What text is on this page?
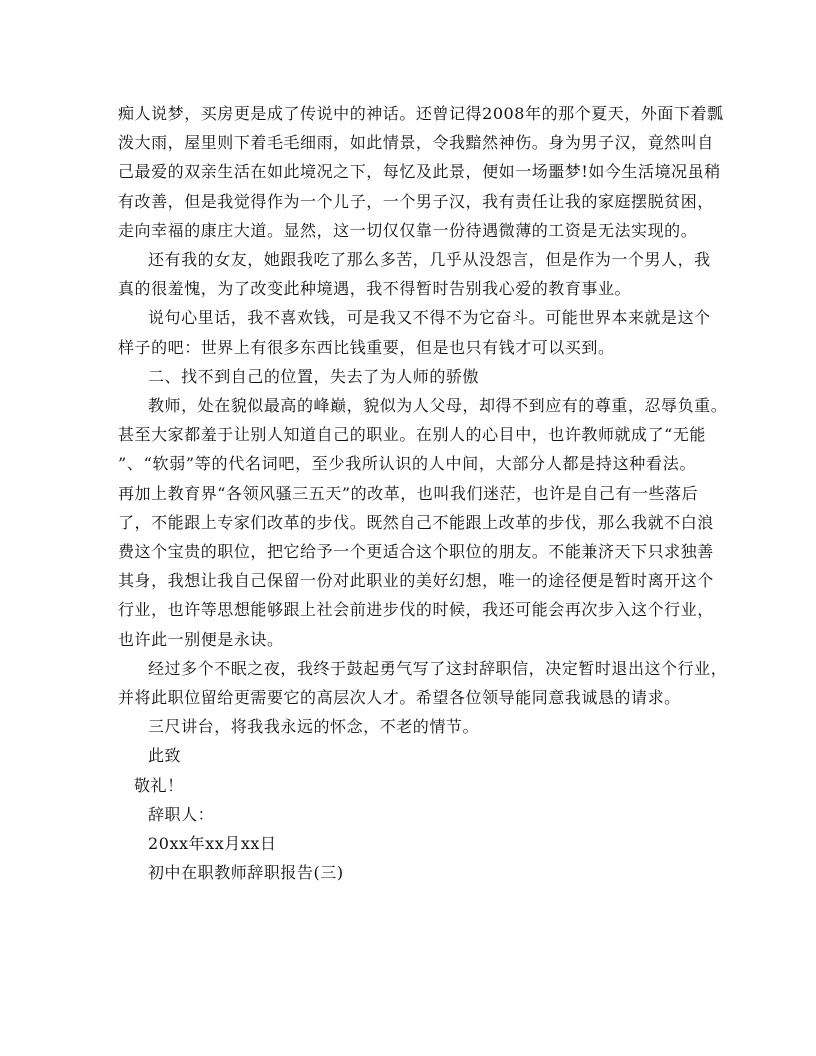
痴人说梦，买房更是成了传说中的神话。还曾记得2008年的那个夏天，外面下着瓢
泼大雨，屋里则下着毛毛细雨，如此情景，令我黯然神伤。身为男子汉，竟然叫自
己最爱的双亲生活在如此境况之下，每忆及此景，便如一场噩梦!如今生活境况虽稍
有改善，但是我觉得作为一个儿子，一个男子汉，我有责任让我的家庭摆脱贫困，
走向幸福的康庄大道。显然，这一切仅仅靠一份待遇微薄的工资是无法实现的。
还有我的女友，她跟我吃了那么多苦，几乎从没怨言，但是作为一个男人，我
真的很羞愧，为了改变此种境遇，我不得暂时告别我心爱的教育事业。
说句心里话，我不喜欢钱，可是我又不得不为它奋斗。可能世界本来就是这个
样子的吧：世界上有很多东西比钱重要，但是也只有钱才可以买到。
二、找不到自己的位置，失去了为人师的骄傲
教师，处在貌似最高的峰巅，貌似为人父母，却得不到应有的尊重，忍辱负重。
甚至大家都羞于让别人知道自己的职业。在别人的心目中，也许教师就成了“无能
”、“软弱”等的代名词吧，至少我所认识的人中间，大部分人都是持这种看法。
再加上教育界“各领风骚三五天”的改革，也叫我们迷茫，也许是自己有一些落后
了，不能跟上专家们改革的步伐。既然自己不能跟上改革的步伐，那么我就不白浪
费这个宝贵的职位，把它给予一个更适合这个职位的朋友。不能兼济天下只求独善
其身，我想让我自己保留一份对此职业的美好幻想，唯一的途径便是暂时离开这个
行业，也许等思想能够跟上社会前进步伐的时候，我还可能会再次步入这个行业，
也许此一别便是永诀。
经过多个不眠之夜，我终于鼓起勇气写了这封辞职信，决定暂时退出这个行业，
并将此职位留给更需要它的高层次人才。希望各位领导能同意我诚恳的请求。
三尺讲台，将我我永远的怀念，不老的情节。
此致
敬礼！
辞职人：
20xx年xx月xx日
初中在职教师辞职报告(三)
